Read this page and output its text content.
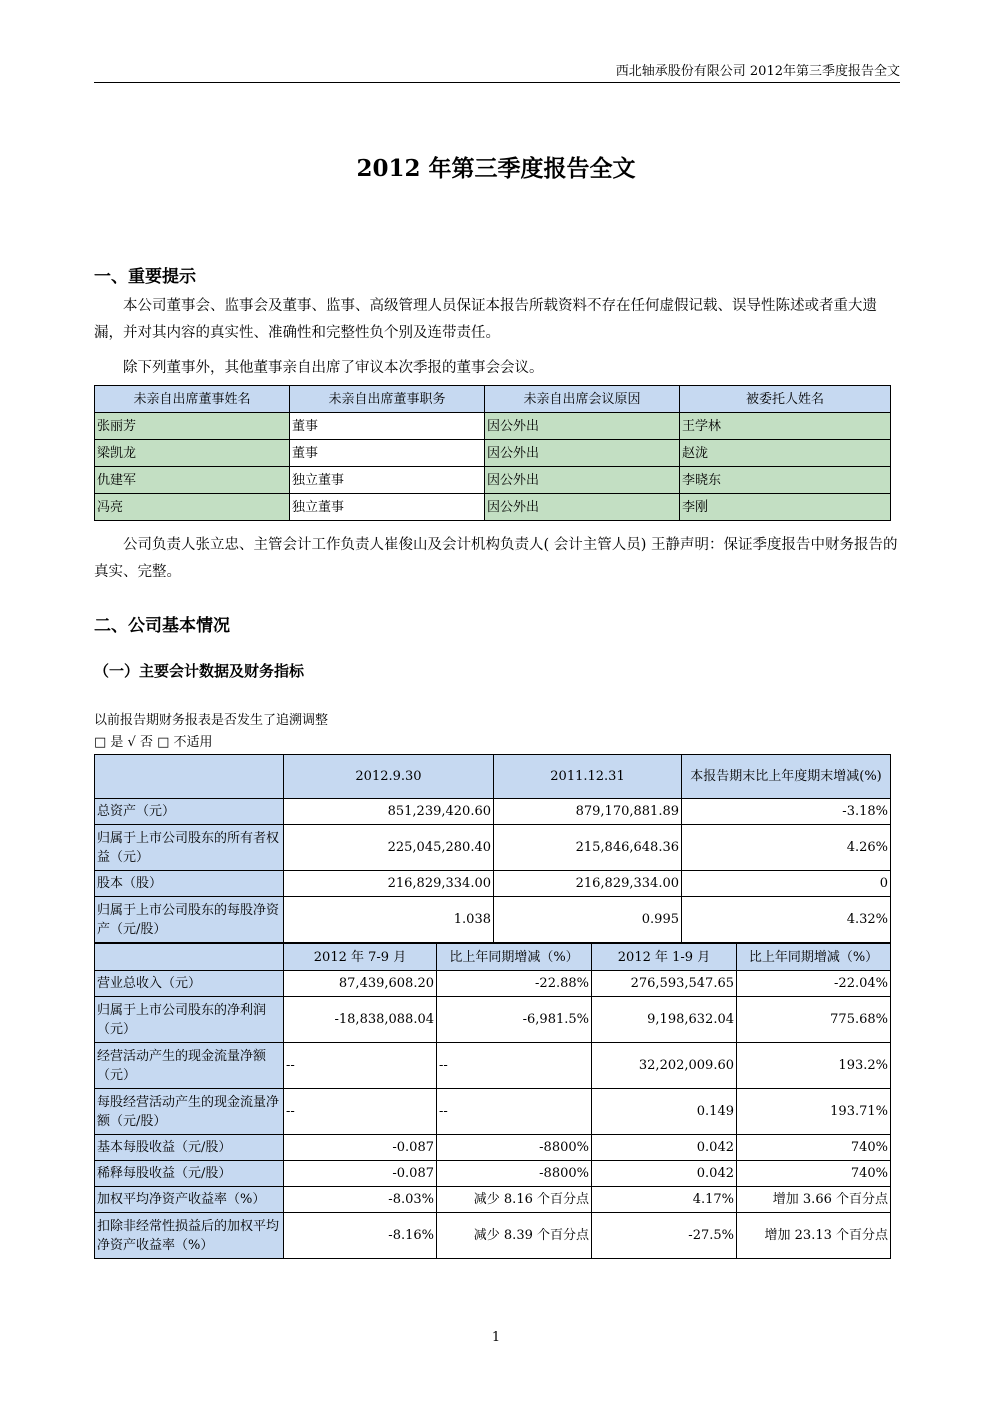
西北轴承股份有限公司 2012年第三季度报告全文
2012 年第三季度报告全文
一、重要提示
本公司董事会、监事会及董事、监事、高级管理人员保证本报告所载资料不存在任何虚假记载、误导性陈述或者重大遗漏，并对其内容的真实性、准确性和完整性负个别及连带责任。
除下列董事外，其他董事亲自出席了审议本次季报的董事会会议。
未亲自出席董事姓名	未亲自出席董事职务	未亲自出席会议原因	被委托人姓名
张丽芳	董事	因公外出	王学林
梁凯龙	董事	因公外出	赵泷
仇建军	独立董事	因公外出	李晓东
冯亮	独立董事	因公外出	李刚
公司负责人张立忠、主管会计工作负责人崔俊山及会计机构负责人( 会计主管人员) 王静声明：保证季度报告中财务报告的真实、完整。
二、公司基本情况
（一）主要会计数据及财务指标
以前报告期财务报表是否发生了追溯调整
□ 是 √ 否 □ 不适用
	2012.9.30	2011.12.31	本报告期末比上年度期末增减(%)
总资产（元）	851,239,420.60	879,170,881.89	-3.18%
归属于上市公司股东的所有者权益（元）	225,045,280.40	215,846,648.36	4.26%
股本（股）	216,829,334.00	216,829,334.00	0
归属于上市公司股东的每股净资产（元/股）	1.038	0.995	4.32%
	2012 年 7-9 月	比上年同期增减（%）	2012 年 1-9 月	比上年同期增减（%）
营业总收入（元）	87,439,608.20	-22.88%	276,593,547.65	-22.04%
归属于上市公司股东的净利润（元）	-18,838,088.04	-6,981.5%	9,198,632.04	775.68%
经营活动产生的现金流量净额（元）	--	--	32,202,009.60	193.2%
每股经营活动产生的现金流量净额（元/股）	--	--	0.149	193.71%
基本每股收益（元/股）	-0.087	-8800%	0.042	740%
稀释每股收益（元/股）	-0.087	-8800%	0.042	740%
加权平均净资产收益率（%）	-8.03%	减少 8.16 个百分点	4.17%	增加 3.66 个百分点
扣除非经常性损益后的加权平均净资产收益率（%）	-8.16%	减少 8.39 个百分点	-27.5%	增加 23.13 个百分点
1
